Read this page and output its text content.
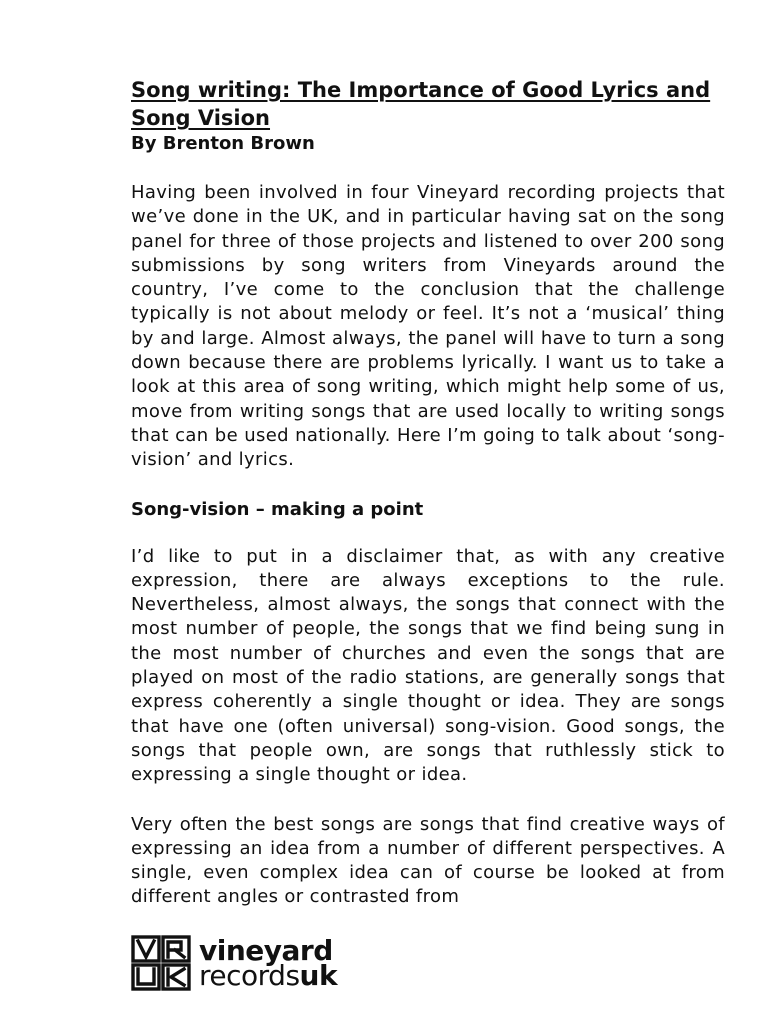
Song writing: The Importance of Good Lyrics and Song Vision
By Brenton Brown

Having been involved in four Vineyard recording projects that we’ve done in the UK, and in particular having sat on the song panel for three of those projects and listened to over 200 song submissions by song writers from Vineyards around the country, I’ve come to the conclusion that the challenge typically is not about melody or feel. It’s not a ‘musical’ thing by and large. Almost always, the panel will have to turn a song down because there are problems lyrically. I want us to take a look at this area of song writing, which might help some of us, move from writing songs that are used locally to writing songs that can be used nationally. Here I’m going to talk about ‘song-vision’ and lyrics.

Song-vision – making a point

I’d like to put in a disclaimer that, as with any creative expression, there are always exceptions to the rule. Nevertheless, almost always, the songs that connect with the most number of people, the songs that we find being sung in the most number of churches and even the songs that are played on most of the radio stations, are generally songs that express coherently a single thought or idea. They are songs that have one (often universal) song-vision. Good songs, the songs that people own, are songs that ruthlessly stick to expressing a single thought or idea.

Very often the best songs are songs that find creative ways of expressing an idea from a number of different perspectives. A single, even complex idea can of course be looked at from different angles or contrasted from

vineyard
recordsuk
